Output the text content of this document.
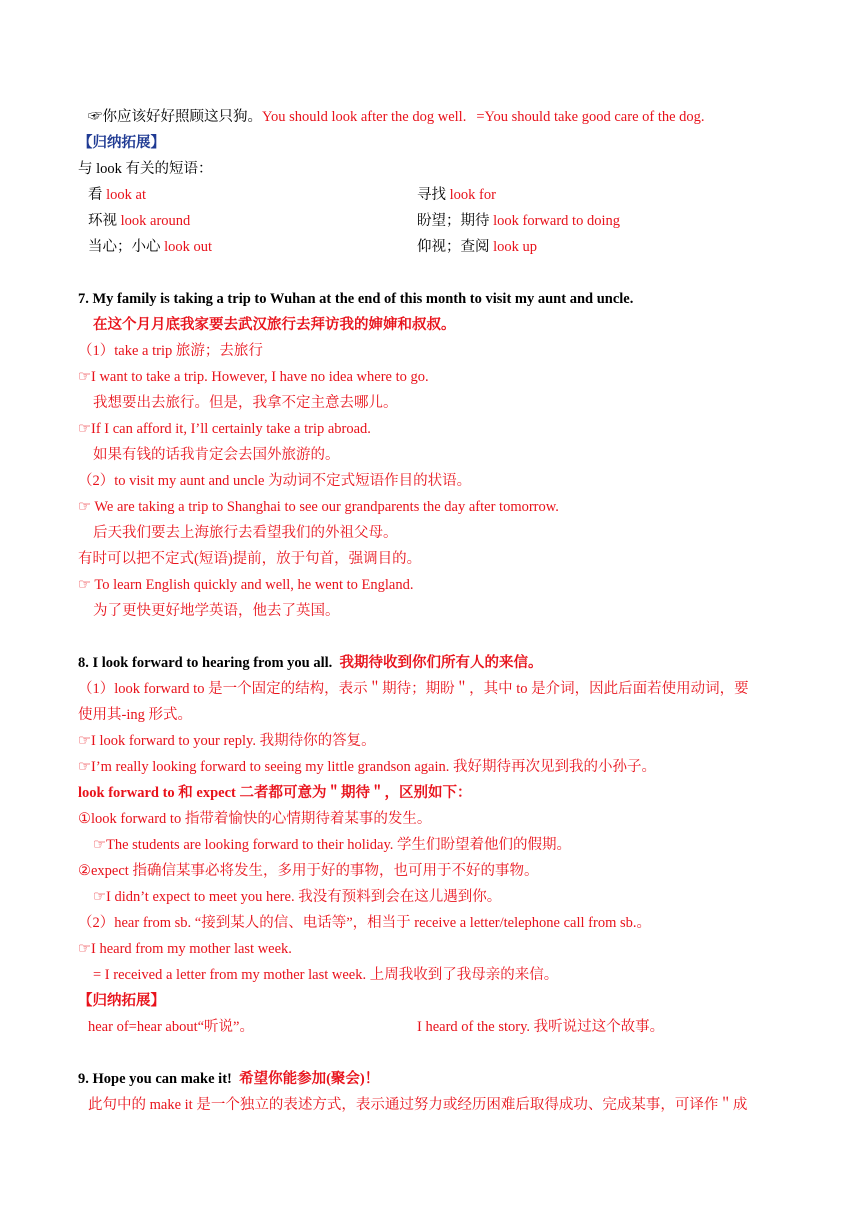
☞你应该好好照顾这只狗。You should look after the dog well. =You should take good care of the dog.
【归纳拓展】
与 look 有关的短语：
看 look at	寻找 look for
环视 look around	盼望；期待 look forward to doing
当心；小心 look out	仰视；查阅 look up
7. My family is taking a trip to Wuhan at the end of this month to visit my aunt and uncle.
在这个月月底我家要去武汉旅行去拜访我的婶婶和叔叔。
（1）take a trip 旅游；去旅行
☞I want to take a trip. However, I have no idea where to go.
我想要出去旅行。但是，我拿不定主意去哪儿。
☞If I can afford it, I’ll certainly take a trip abroad.
如果有钱的话我肯定会去国外旅游的。
（2）to visit my aunt and uncle 为动词不定式短语作目的状语。
☞ We are taking a trip to Shanghai to see our grandparents the day after tomorrow.
后天我们要去上海旅行去看望我们的外祖父母。
有时可以把不定式(短语)提前，放于句首，强调目的。
☞ To learn English quickly and well, he went to England.
为了更快更好地学英语，他去了英国。
8. I look forward to hearing from you all. 我期待收到你们所有人的来信。
（1）look forward to 是一个固定的结构，表示＂期待；期盼＂，其中 to 是介词，因此后面若使用动词，要
使用其-ing 形式。
☞I look forward to your reply. 我期待你的答复。
☞I’m really looking forward to seeing my little grandson again. 我好期待再次见到我的小孙子。
look forward to 和 expect 二者都可意为＂期待＂，区别如下：
①look forward to 指带着愉快的心情期待着某事的发生。
☞The students are looking forward to their holiday. 学生们盼望着他们的假期。
②expect 指确信某事必将发生，多用于好的事物，也可用于不好的事物。
☞I didn’t expect to meet you here. 我没有预料到会在这儿遇到你。
（2）hear from sb. “接到某人的信、电话等”，相当于 receive a letter/telephone call from sb.。
☞I heard from my mother last week.
= I received a letter from my mother last week. 上周我收到了我母亲的来信。
【归纳拓展】
hear of=hear about“听说”。	I heard of the story. 我听说过这个故事。
9. Hope you can make it! 希望你能参加(聚会)！
此句中的 make it 是一个独立的表述方式，表示通过努力或经历困难后取得成功、完成某事，可译作＂成
